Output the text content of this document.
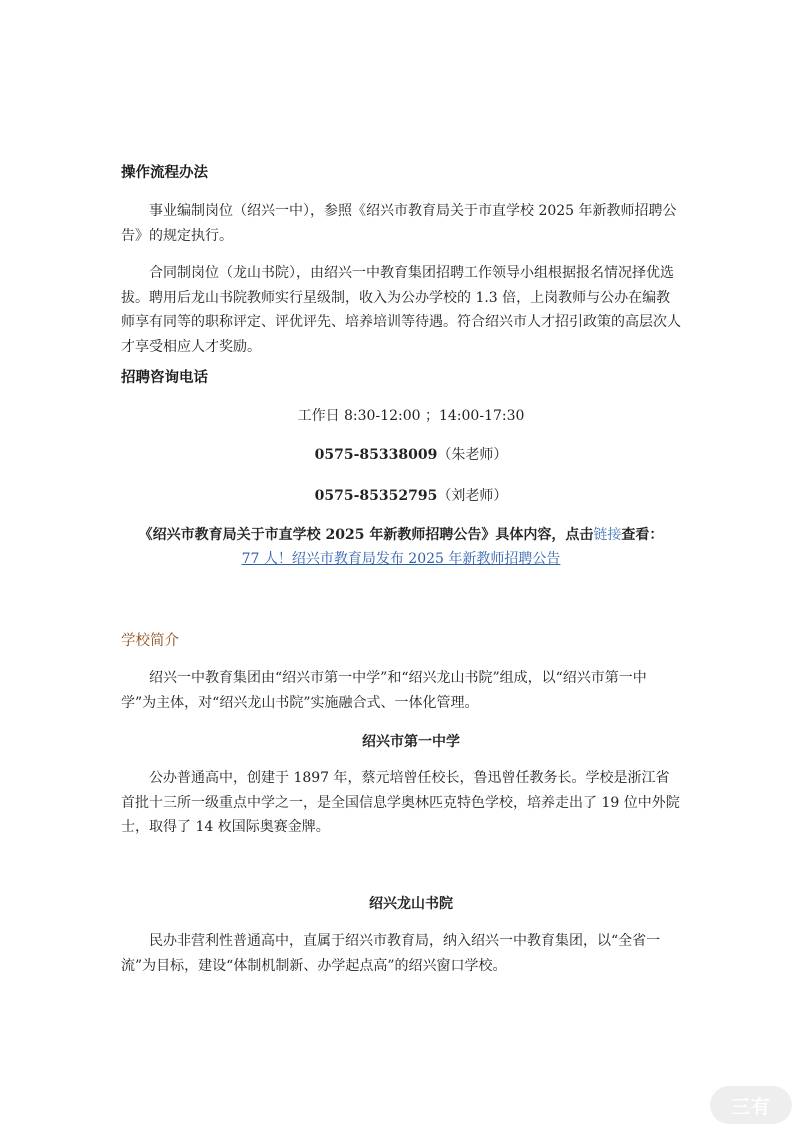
操作流程办法

事业编制岗位（绍兴一中），参照《绍兴市教育局关于市直学校 2025 年新教师招聘公告》的规定执行。

合同制岗位（龙山书院），由绍兴一中教育集团招聘工作领导小组根据报名情况择优选拔。聘用后龙山书院教师实行星级制，收入为公办学校的 1.3 倍，上岗教师与公办在编教师享有同等的职称评定、评优评先、培养培训等待遇。符合绍兴市人才招引政策的高层次人才享受相应人才奖励。

招聘咨询电话
工作日 8:30-12:00 ；14:00-17:30
0575-85338009（朱老师）
0575-85352795（刘老师）
《绍兴市教育局关于市直学校 2025 年新教师招聘公告》具体内容，点击链接查看：
77 人！绍兴市教育局发布 2025 年新教师招聘公告
学校简介

绍兴一中教育集团由“绍兴市第一中学”和“绍兴龙山书院”组成，以“绍兴市第一中学”为主体，对“绍兴龙山书院”实施融合式、一体化管理。

绍兴市第一中学

公办普通高中，创建于 1897 年，蔡元培曾任校长，鲁迅曾任教务长。学校是浙江省首批十三所一级重点中学之一，是全国信息学奥林匹克特色学校，培养走出了 19 位中外院士，取得了 14 枚国际奥赛金牌。

绍兴龙山书院

民办非营利性普通高中，直属于绍兴市教育局，纳入绍兴一中教育集团，以“全省一流”为目标，建设“体制机制新、办学起点高”的绍兴窗口学校。

三有
